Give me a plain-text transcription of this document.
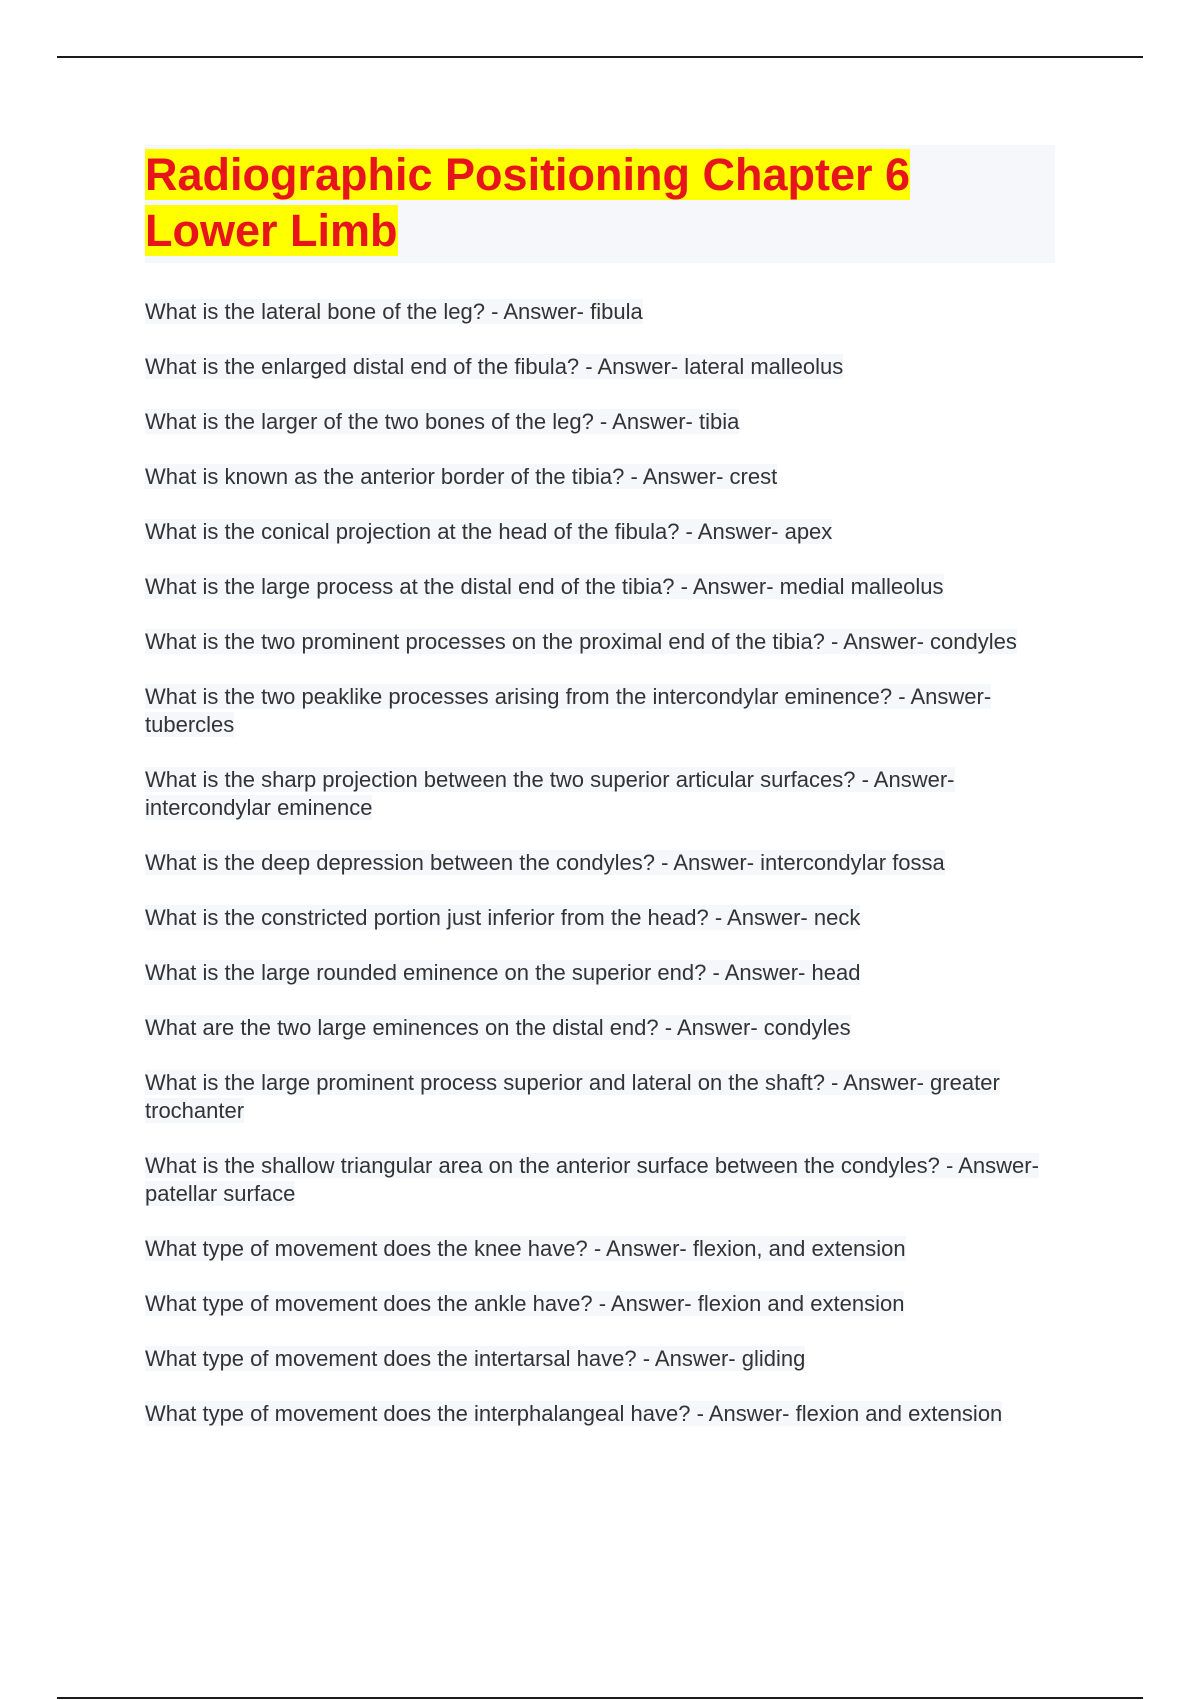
Radiographic Positioning Chapter 6
Lower Limb
What is the lateral bone of the leg? - Answer- fibula
What is the enlarged distal end of the fibula? - Answer- lateral malleolus
What is the larger of the two bones of the leg? - Answer- tibia
What is known as the anterior border of the tibia? - Answer- crest
What is the conical projection at the head of the fibula? - Answer- apex
What is the large process at the distal end of the tibia? - Answer- medial malleolus
What is the two prominent processes on the proximal end of the tibia? - Answer- condyles
What is the two peaklike processes arising from the intercondylar eminence? - Answer- tubercles
What is the sharp projection between the two superior articular surfaces? - Answer- intercondylar eminence
What is the deep depression between the condyles? - Answer- intercondylar fossa
What is the constricted portion just inferior from the head? - Answer- neck
What is the large rounded eminence on the superior end? - Answer- head
What are the two large eminences on the distal end? - Answer- condyles
What is the large prominent process superior and lateral on the shaft? - Answer- greater trochanter
What is the shallow triangular area on the anterior surface between the condyles? - Answer- patellar surface
What type of movement does the knee have? - Answer- flexion, and extension
What type of movement does the ankle have? - Answer- flexion and extension
What type of movement does the intertarsal have? - Answer- gliding
What type of movement does the interphalangeal have? - Answer- flexion and extension
